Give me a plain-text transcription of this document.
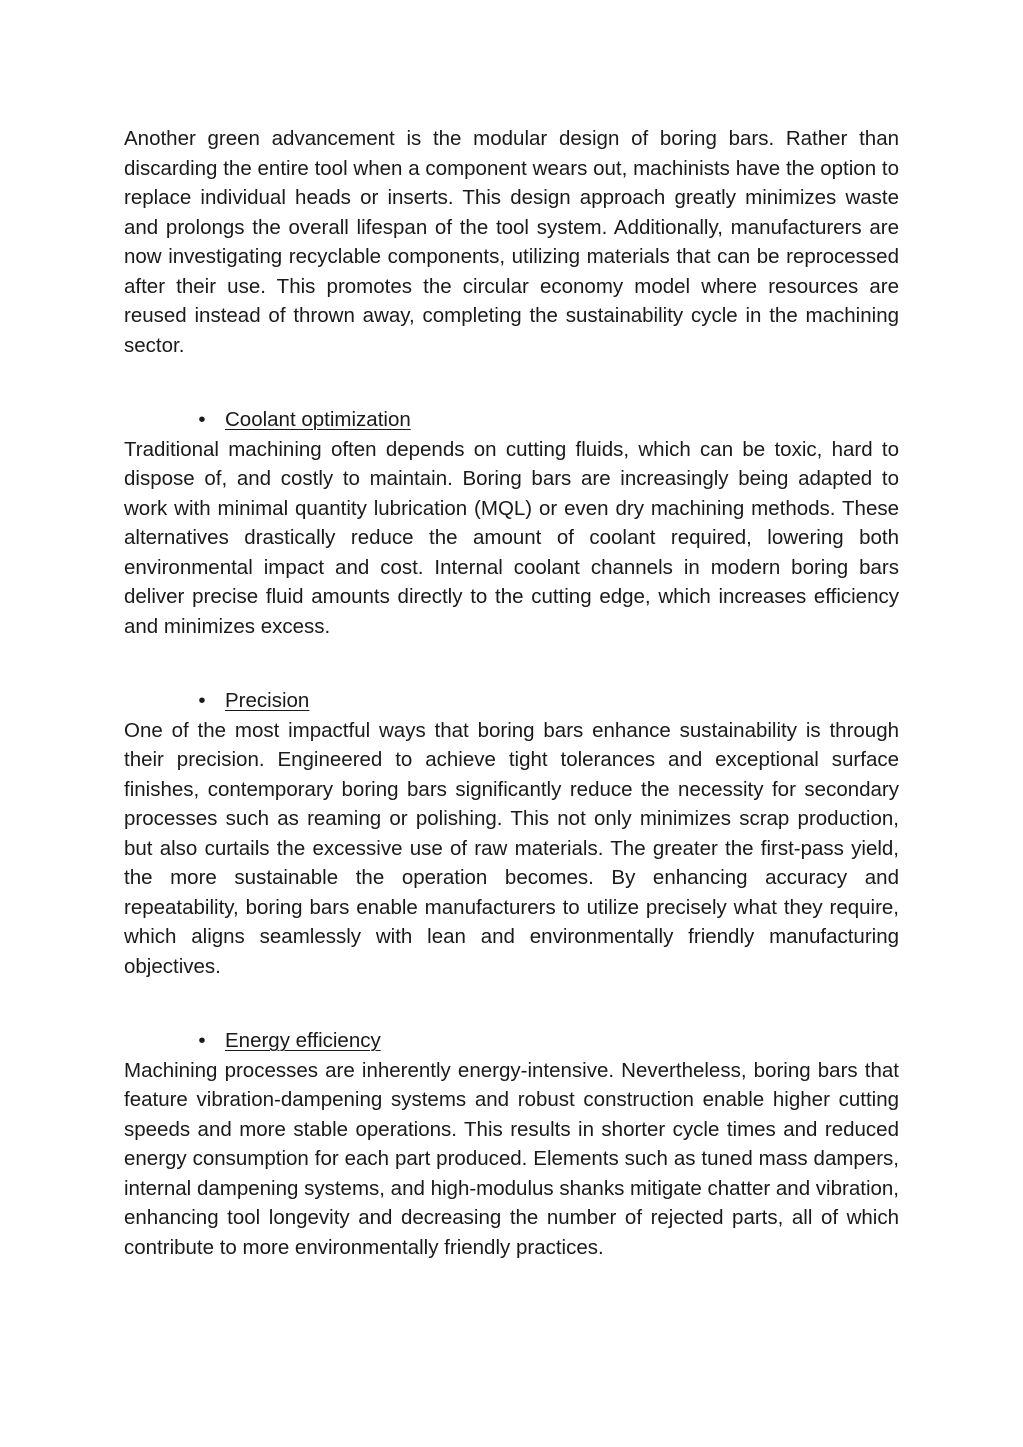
Another green advancement is the modular design of boring bars. Rather than discarding the entire tool when a component wears out, machinists have the option to replace individual heads or inserts. This design approach greatly minimizes waste and prolongs the overall lifespan of the tool system. Additionally, manufacturers are now investigating recyclable components, utilizing materials that can be reprocessed after their use. This promotes the circular economy model where resources are reused instead of thrown away, completing the sustainability cycle in the machining sector.

• Coolant optimization

Traditional machining often depends on cutting fluids, which can be toxic, hard to dispose of, and costly to maintain. Boring bars are increasingly being adapted to work with minimal quantity lubrication (MQL) or even dry machining methods. These alternatives drastically reduce the amount of coolant required, lowering both environmental impact and cost. Internal coolant channels in modern boring bars deliver precise fluid amounts directly to the cutting edge, which increases efficiency and minimizes excess.

• Precision

One of the most impactful ways that boring bars enhance sustainability is through their precision. Engineered to achieve tight tolerances and exceptional surface finishes, contemporary boring bars significantly reduce the necessity for secondary processes such as reaming or polishing. This not only minimizes scrap production, but also curtails the excessive use of raw materials. The greater the first-pass yield, the more sustainable the operation becomes. By enhancing accuracy and repeatability, boring bars enable manufacturers to utilize precisely what they require, which aligns seamlessly with lean and environmentally friendly manufacturing objectives.

• Energy efficiency

Machining processes are inherently energy-intensive. Nevertheless, boring bars that feature vibration-dampening systems and robust construction enable higher cutting speeds and more stable operations. This results in shorter cycle times and reduced energy consumption for each part produced. Elements such as tuned mass dampers, internal dampening systems, and high-modulus shanks mitigate chatter and vibration, enhancing tool longevity and decreasing the number of rejected parts, all of which contribute to more environmentally friendly practices.
